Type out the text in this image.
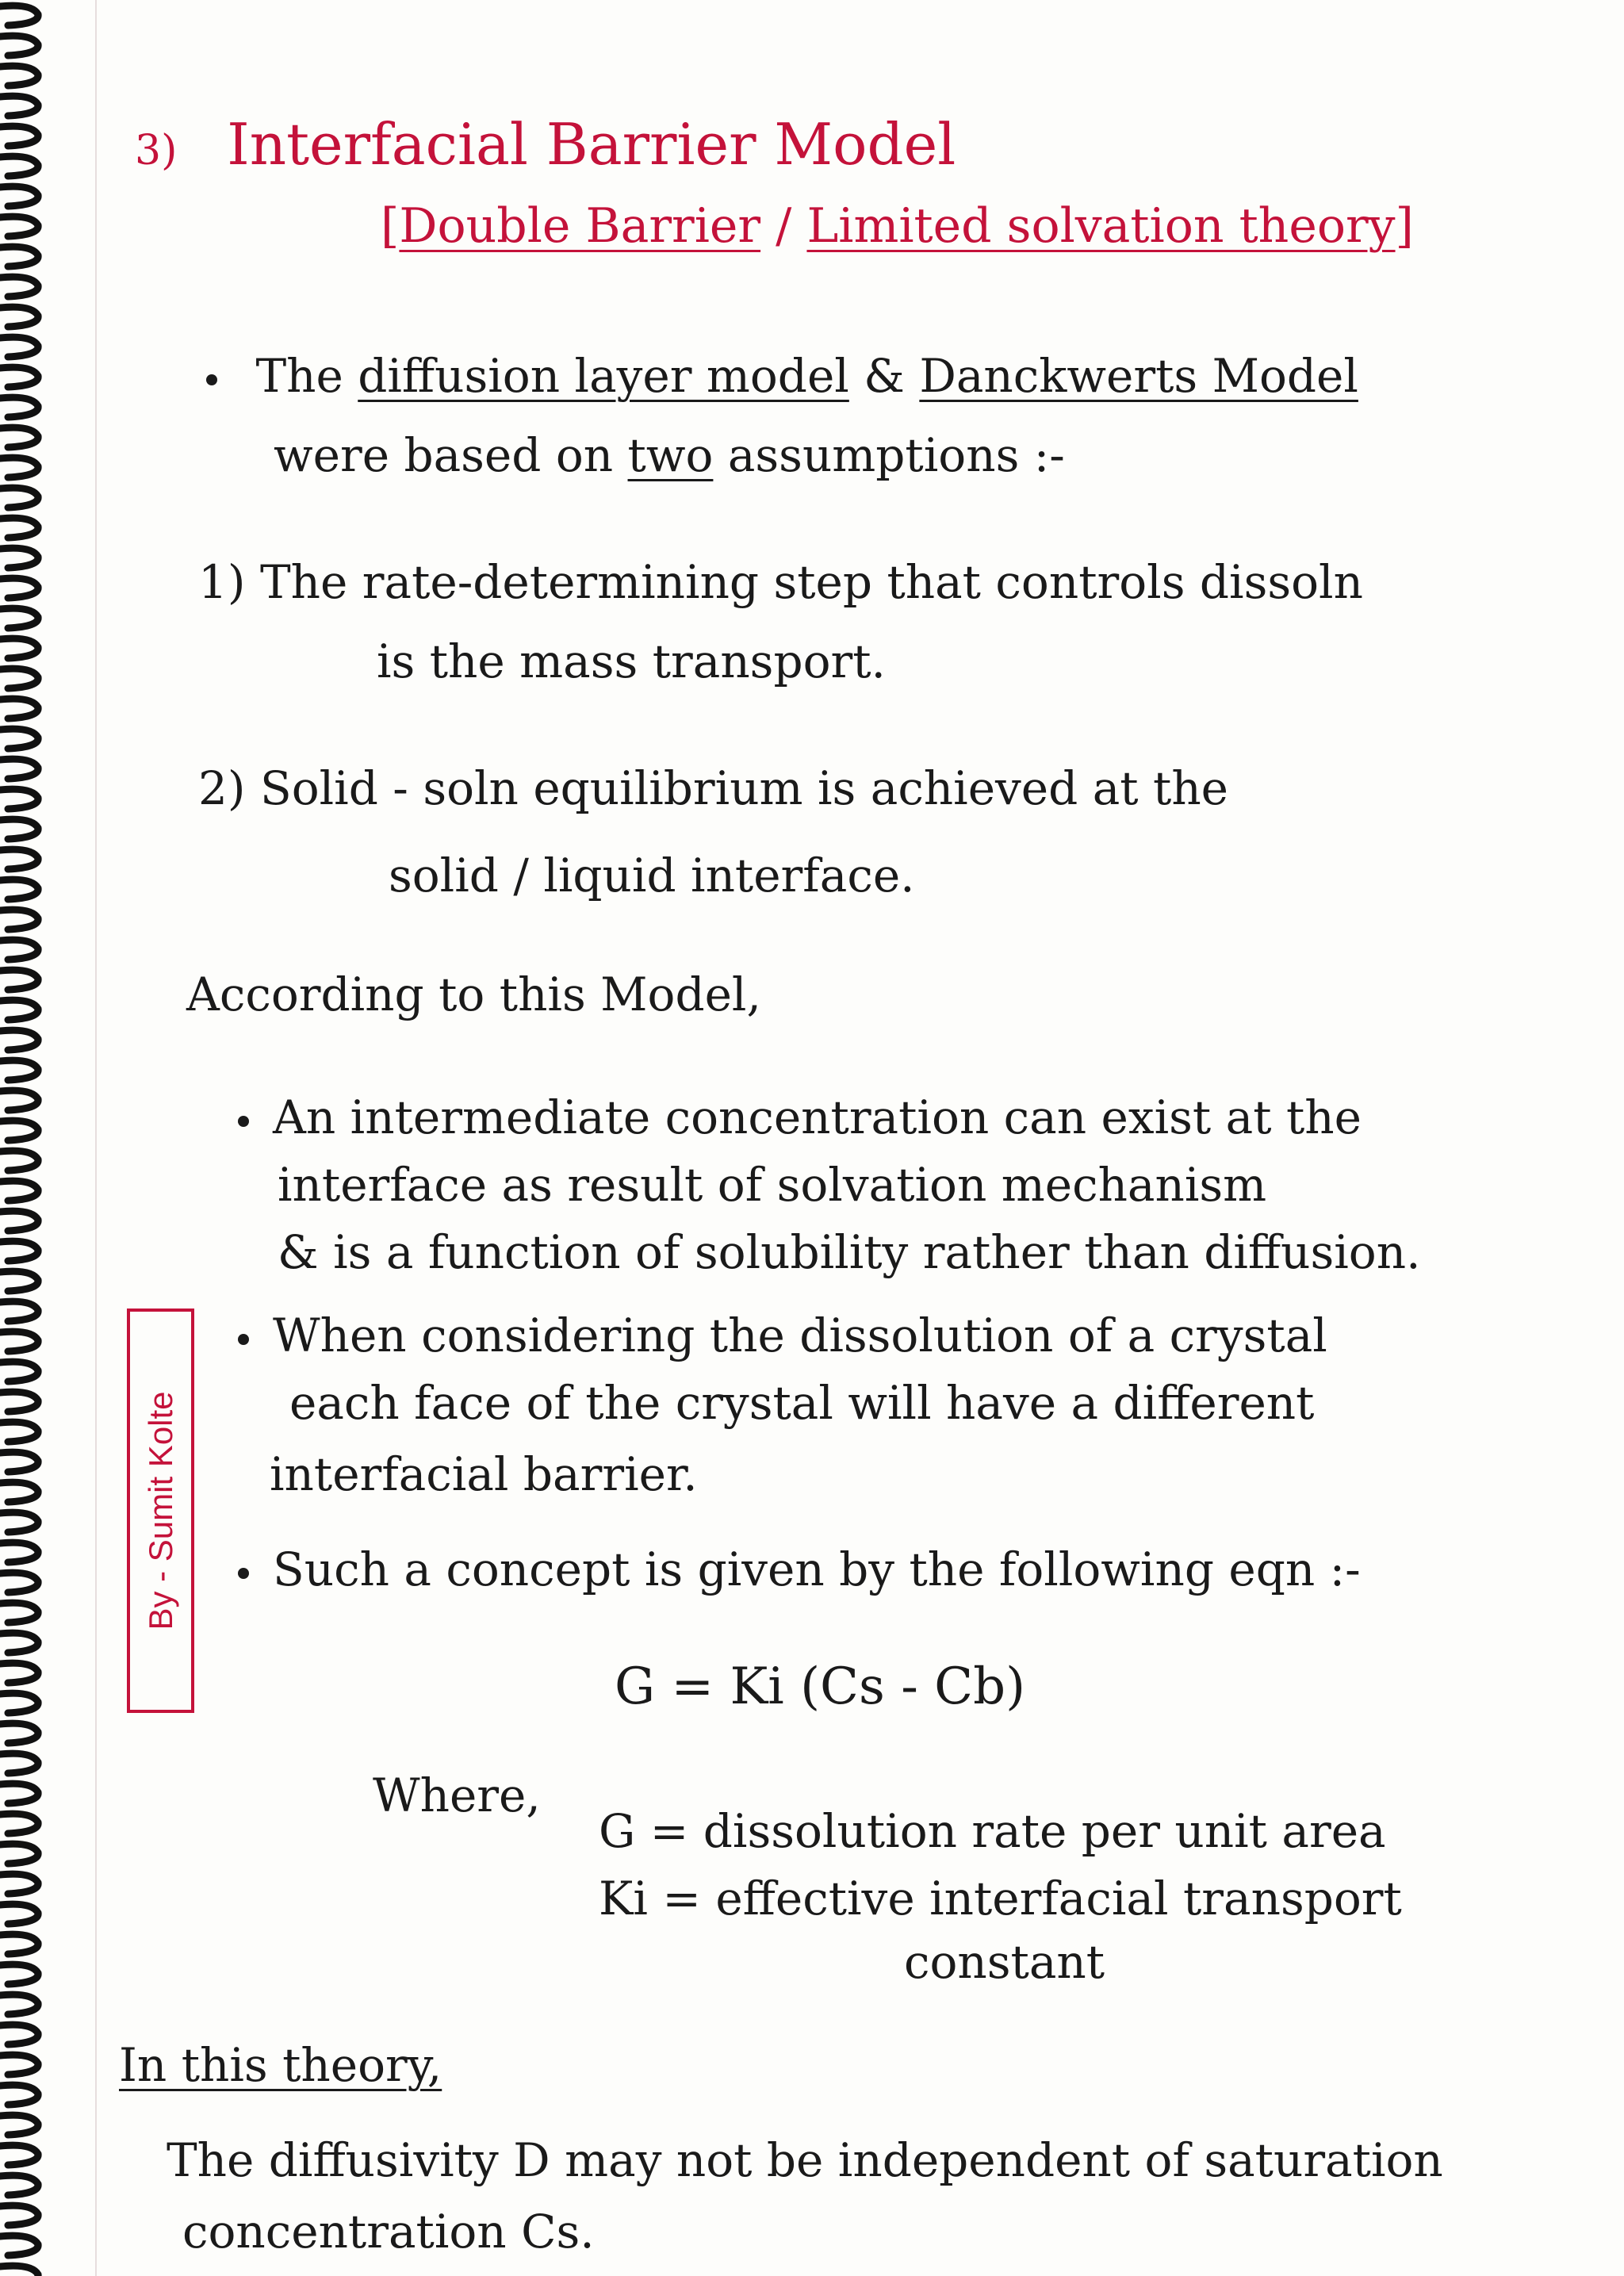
3) Interfacial Barrier Model
[Double Barrier / Limited solvation theory]
The diffusion layer model & Danckwerts Model
were based on two assumptions :-
1) The rate-determining step that controls dissoln
is the mass transport.
2) Solid - soln equilibrium is achieved at the
solid / liquid interface.
According to this Model,
An intermediate concentration can exist at the
interface as result of solvation mechanism
& is a function of solubility rather than diffusion.
When considering the dissolution of a crystal
each face of the crystal will have a different
interfacial barrier.
Such a concept is given by the following eqn :-
G = Ki (Cs - Cb)
Where,
G = dissolution rate per unit area
Ki = effective interfacial transport
constant
In this theory,
The diffusivity D may not be independent of saturation
concentration Cs.
By - Sumit Kolte
